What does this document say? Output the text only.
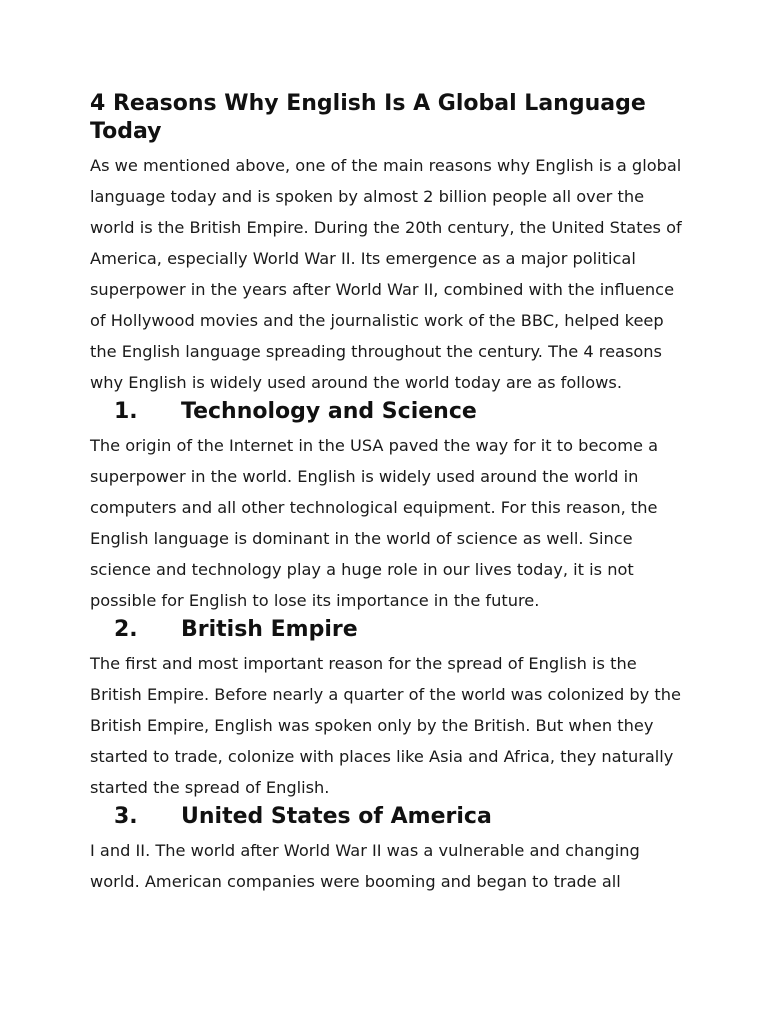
4 Reasons Why English Is A Global Language Today

As we mentioned above, one of the main reasons why English is a global language today and is spoken by almost 2 billion people all over the world is the British Empire. During the 20th century, the United States of America, especially World War II. Its emergence as a major political superpower in the years after World War II, combined with the influence of Hollywood movies and the journalistic work of the BBC, helped keep the English language spreading throughout the century. The 4 reasons why English is widely used around the world today are as follows.

1.	Technology and Science

The origin of the Internet in the USA paved the way for it to become a superpower in the world. English is widely used around the world in computers and all other technological equipment. For this reason, the English language is dominant in the world of science as well. Since science and technology play a huge role in our lives today, it is not possible for English to lose its importance in the future.

2.	British Empire

The first and most important reason for the spread of English is the British Empire. Before nearly a quarter of the world was colonized by the British Empire, English was spoken only by the British. But when they started to trade, colonize with places like Asia and Africa, they naturally started the spread of English.

3.	United States of America

I and II. The world after World War II was a vulnerable and changing world. American companies were booming and began to trade all
